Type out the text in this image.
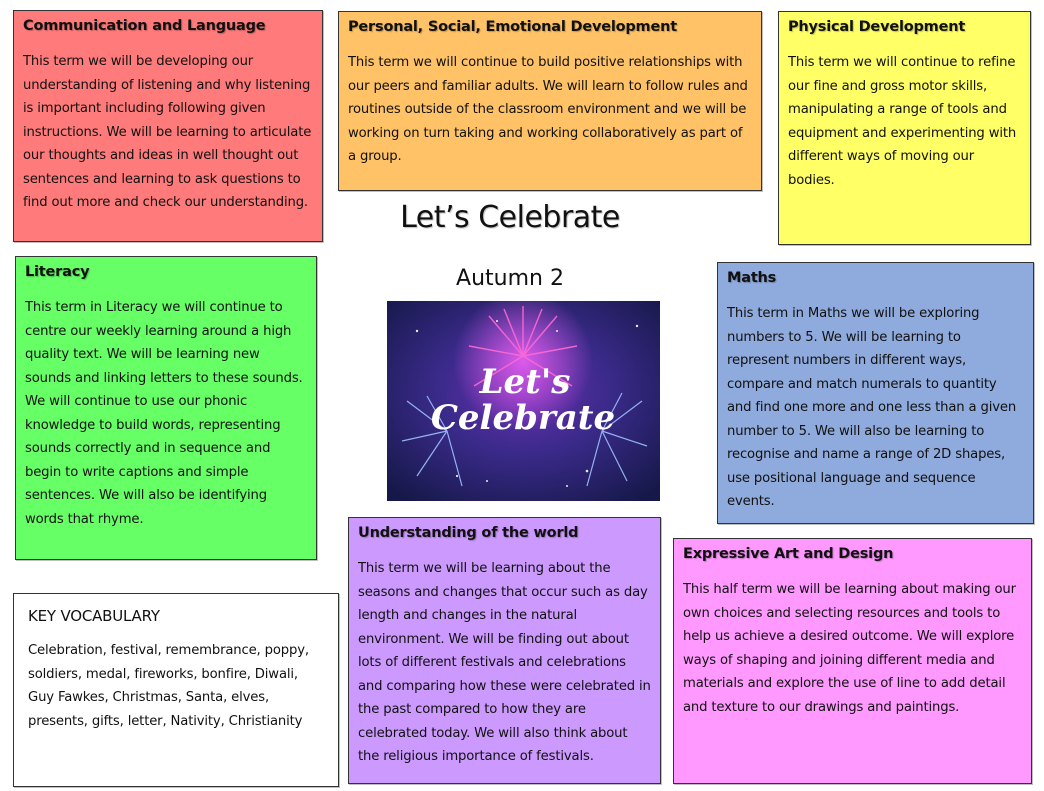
Communication and Language

This term we will be developing our understanding of listening and why listening is important including following given instructions. We will be learning to articulate our thoughts and ideas in well thought out sentences and learning to ask questions to find out more and check our understanding.

Personal, Social, Emotional Development

This term we will continue to build positive relationships with our peers and familiar adults. We will learn to follow rules and routines outside of the classroom environment and we will be working on turn taking and working collaboratively as part of a group.

Physical Development

This term we will continue to refine our fine and gross motor skills, manipulating a range of tools and equipment and experimenting with different ways of moving our bodies.

Let’s Celebrate
Autumn 2
Let's
Celebrate
Literacy

This term in Literacy we will continue to centre our weekly learning around a high quality text. We will be learning new sounds and linking letters to these sounds. We will continue to use our phonic knowledge to build words, representing sounds correctly and in sequence and begin to write captions and simple sentences. We will also be identifying words that rhyme.

Maths

This term in Maths we will be exploring numbers to 5. We will be learning to represent numbers in different ways, compare and match numerals to quantity and find one more and one less than a given number to 5. We will also be learning to recognise and name a range of 2D shapes, use positional language and sequence events.

Understanding of the world

This term we will be learning about the seasons and changes that occur such as day length and changes in the natural environment. We will be finding out about lots of different festivals and celebrations and comparing how these were celebrated in the past compared to how they are celebrated today. We will also think about the religious importance of festivals.

Expressive Art and Design

This half term we will be learning about making our own choices and selecting resources and tools to help us achieve a desired outcome. We will explore ways of shaping and joining different media and materials and explore the use of line to add detail and texture to our drawings and paintings.

KEY VOCABULARY

Celebration, festival, remembrance, poppy, soldiers, medal, fireworks, bonfire, Diwali, Guy Fawkes, Christmas, Santa, elves, presents, gifts, letter, Nativity, Christianity
